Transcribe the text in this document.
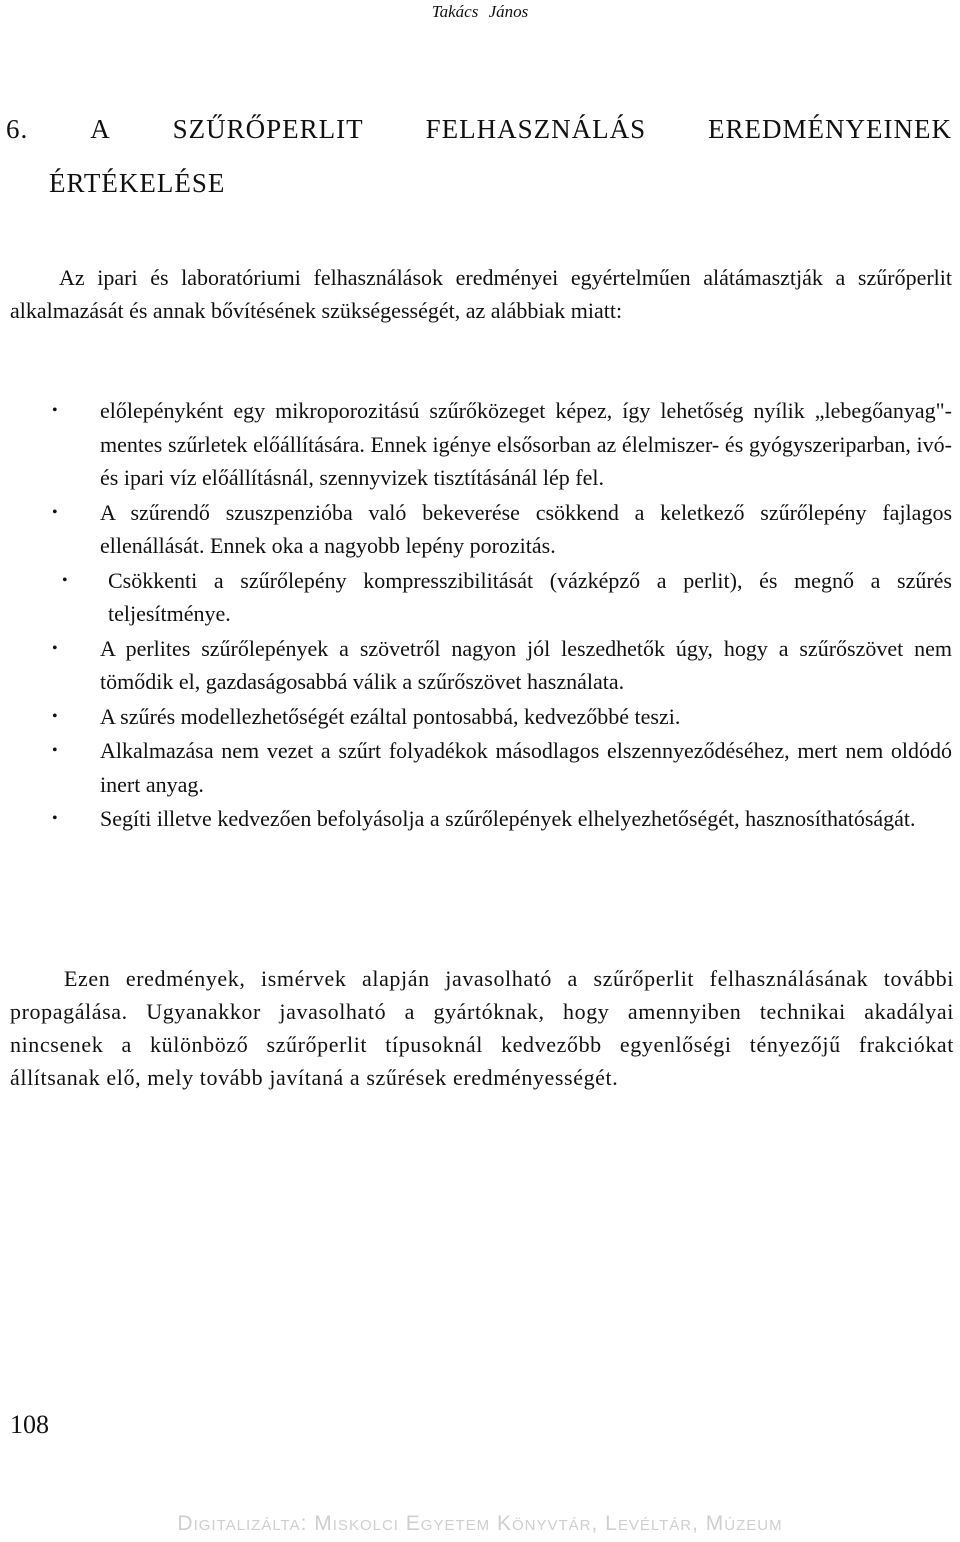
Takács János
6. A SZŰRŐPERLIT FELHASZNÁLÁS EREDMÉNYEINEK
ÉRTÉKELÉSE

Az ipari és laboratóriumi felhasználások eredményei egyértelműen alátámasztják a szűrőperlit alkalmazását és annak bővítésének szükségességét, az alábbiak miatt:

• előlepényként egy mikroporozitású szűrőközeget képez, így lehetőség nyílik „lebegőanyag"-mentes szűrletek előállítására. Ennek igénye elsősorban az élelmiszer- és gyógyszeriparban, ivó- és ipari víz előállításnál, szennyvizek tisztításánál lép fel.
• A szűrendő szuszpenzióba való bekeverése csökkend a keletkező szűrőlepény fajlagos ellenállását. Ennek oka a nagyobb lepény porozitás.
• Csökkenti a szűrőlepény kompresszibilitását (vázképző a perlit), és megnő a szűrés teljesítménye.
• A perlites szűrőlepények a szövetről nagyon jól leszedhetők úgy, hogy a szűrőszövet nem tömődik el, gazdaságosabbá válik a szűrőszövet használata.
• A szűrés modellezhetőségét ezáltal pontosabbá, kedvezőbbé teszi.
• Alkalmazása nem vezet a szűrt folyadékok másodlagos elszennyeződéséhez, mert nem oldódó inert anyag.
• Segíti illetve kedvezően befolyásolja a szűrőlepények elhelyezhetőségét, hasznosíthatóságát.

Ezen eredmények, ismérvek alapján javasolható a szűrőperlit felhasználásának további propagálása. Ugyanakkor javasolható a gyártóknak, hogy amennyiben technikai akadályai nincsenek a különböző szűrőperlit típusoknál kedvezőbb egyenlőségi tényezőjű frakciókat állítsanak elő, mely tovább javítaná a szűrések eredményességét.

108
Digitalizálta: Miskolci Egyetem Könyvtár, Levéltár, Múzeum
